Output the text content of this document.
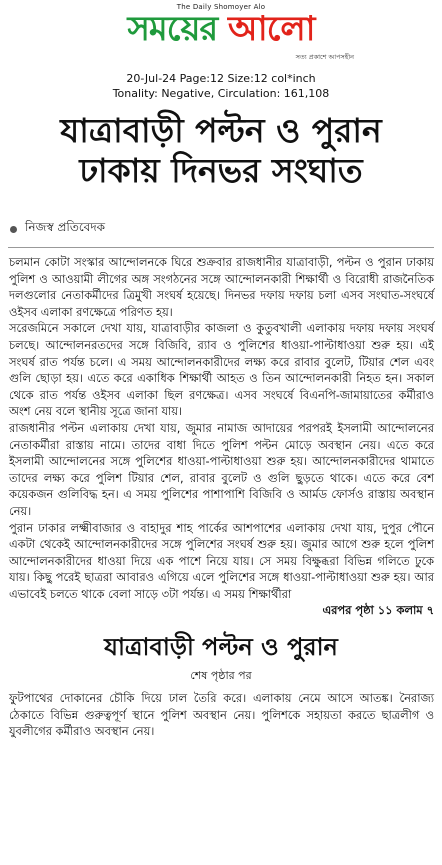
The Daily Shomoyer Alo
সময়ের আলো
সত্য প্রকাশে আপসহীন
20-Jul-24 Page:12 Size:12 col*inch
Tonality: Negative, Circulation: 161,108
যাত্রাবাড়ী পল্টন ও পুরান
ঢাকায় দিনভর সংঘাত
নিজস্ব প্রতিবেদক

চলমান কোটা সংস্কার আন্দোলনকে ঘিরে শুক্রবার রাজধানীর যাত্রাবাড়ী, পল্টন ও পুরান ঢাকায় পুলিশ ও আওয়ামী লীগের অঙ্গ সংগঠনের সঙ্গে আন্দোলনকারী শিক্ষার্থী ও বিরোধী রাজনৈতিক দলগুলোর নেতাকর্মীদের ত্রিমুখী সংঘর্ষ হয়েছে। দিনভর দফায় দফায় চলা এসব সংঘাত-সংঘর্ষে ওইসব এলাকা রণক্ষেত্রে পরিণত হয়।

সরেজমিনে সকালে দেখা যায়, যাত্রাবাড়ীর কাজলা ও কুতুবখালী এলাকায় দফায় দফায় সংঘর্ষ চলছে। আন্দোলনরতদের সঙ্গে বিজিবি, র‍্যাব ও পুলিশের ধাওয়া-পাল্টাধাওয়া শুরু হয়। এই সংঘর্ষ রাত পর্যন্ত চলে। এ সময় আন্দোলনকারীদের লক্ষ্য করে রাবার বুলেট, টিয়ার শেল এবং গুলি ছোড়া হয়। এতে করে একাধিক শিক্ষার্থী আহত ও তিন আন্দোলনকারী নিহত হন। সকাল থেকে রাত পর্যন্ত ওইসব এলাকা ছিল রণক্ষেত্র। এসব সংঘর্ষে বিএনপি-জামায়াতের কর্মীরাও অংশ নেয় বলে স্থানীয় সূত্রে জানা যায়।

রাজধানীর পল্টন এলাকায় দেখা যায়, জুমার নামাজ আদায়ের পরপরই ইসলামী আন্দোলনের নেতাকর্মীরা রাস্তায় নামে। তাদের বাধা দিতে পুলিশ পল্টন মোড়ে অবস্থান নেয়। এতে করে ইসলামী আন্দোলনের সঙ্গে পুলিশের ধাওয়া-পাল্টাধাওয়া শুরু হয়। আন্দোলনকারীদের থামাতে তাদের লক্ষ্য করে পুলিশ টিয়ার শেল, রাবার বুলেট ও গুলি ছুড়তে থাকে। এতে করে বেশ কয়েকজন গুলিবিদ্ধ হন। এ সময় পুলিশের পাশাপাশি বিজিবি ও আর্মড ফোর্সও রাস্তায় অবস্থান নেয়।

পুরান ঢাকার লক্ষ্মীবাজার ও বাহাদুর শাহ পার্কের আশপাশের এলাকায় দেখা যায়, দুপুর পৌনে একটা থেকেই আন্দোলনকারীদের সঙ্গে পুলিশের সংঘর্ষ শুরু হয়। জুমার আগে শুরু হলে পুলিশ আন্দোলনকারীদের ধাওয়া দিয়ে এক পাশে নিয়ে যায়। সে সময় বিক্ষুব্ধরা বিভিন্ন গলিতে ঢুকে যায়। কিছু পরেই ছাত্ররা আবারও এগিয়ে এলে পুলিশের সঙ্গে ধাওয়া-পাল্টাধাওয়া শুরু হয়। আর এভাবেই চলতে থাকে বেলা সাড়ে ৩টা পর্যন্ত। এ সময় শিক্ষার্থীরা

এরপর পৃষ্ঠা ১১ কলাম ৭
যাত্রাবাড়ী পল্টন ও পুরান
শেষ পৃষ্ঠার পর

ফুটপাথের দোকানের চৌকি দিয়ে ঢাল তৈরি করে। এলাকায় নেমে আসে আতঙ্ক। নৈরাজ্য ঠেকাতে বিভিন্ন গুরুত্বপূর্ণ স্থানে পুলিশ অবস্থান নেয়। পুলিশকে সহায়তা করতে ছাত্রলীগ ও যুবলীগের কর্মীরাও অবস্থান নেয়।
